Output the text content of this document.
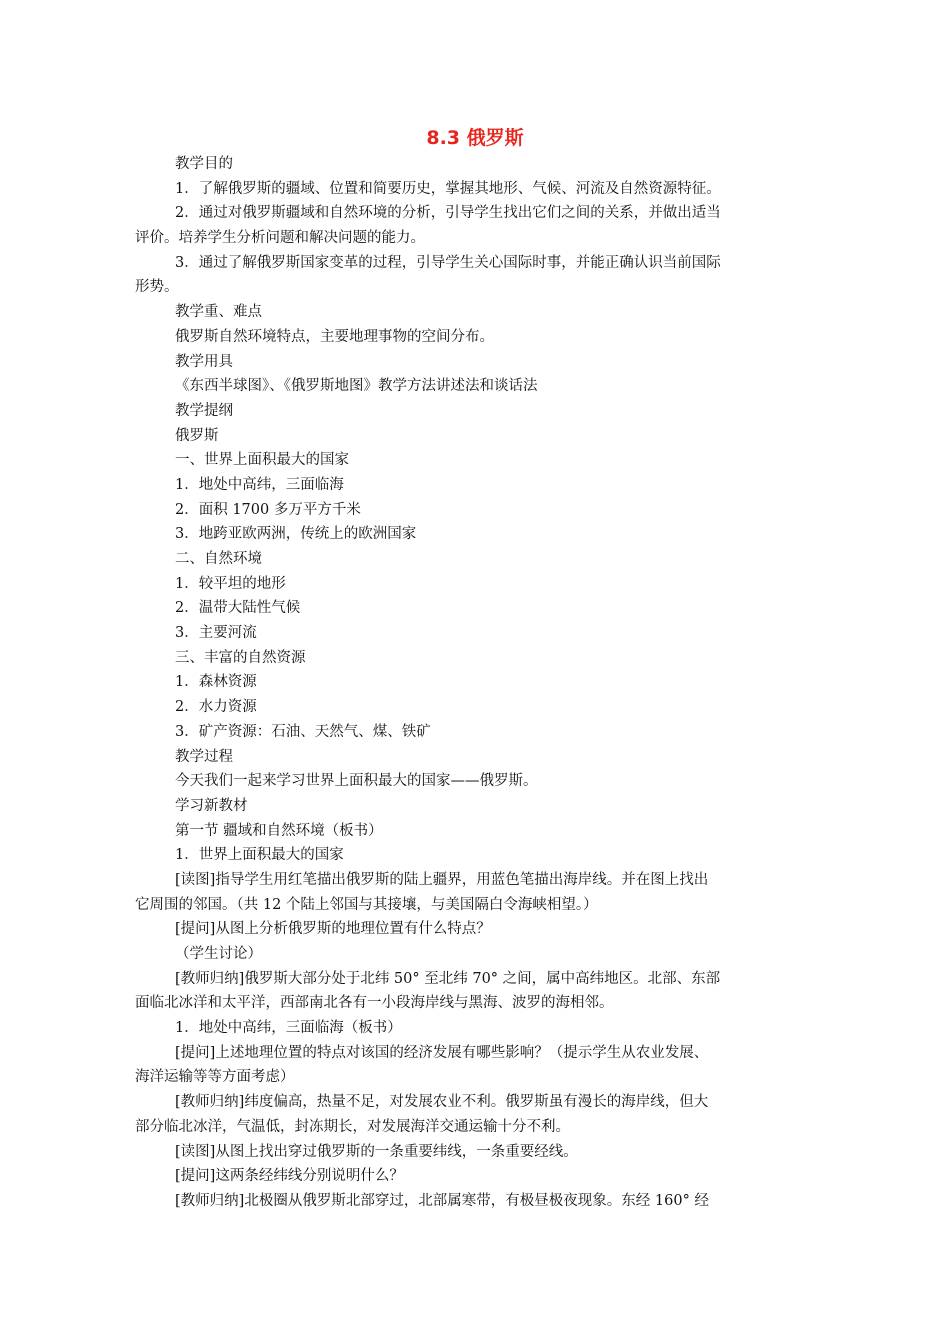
8.3 俄罗斯
教学目的
1．了解俄罗斯的疆域、位置和简要历史，掌握其地形、气候、河流及自然资源特征。
2．通过对俄罗斯疆域和自然环境的分析，引导学生找出它们之间的关系，并做出适当
评价。培养学生分析问题和解决问题的能力。
3．通过了解俄罗斯国家变革的过程，引导学生关心国际时事，并能正确认识当前国际
形势。
教学重、难点
俄罗斯自然环境特点，主要地理事物的空间分布。
教学用具
《东西半球图》、《俄罗斯地图》教学方法讲述法和谈话法
教学提纲
俄罗斯
一、世界上面积最大的国家
1．地处中高纬，三面临海
2．面积 1700 多万平方千米
3．地跨亚欧两洲，传统上的欧洲国家
二、自然环境
1．较平坦的地形
2．温带大陆性气候
3．主要河流
三、丰富的自然资源
1．森林资源
2．水力资源
3．矿产资源：石油、天然气、煤、铁矿
教学过程
今天我们一起来学习世界上面积最大的国家——俄罗斯。
学习新教材
第一节 疆域和自然环境（板书）
1．世界上面积最大的国家
[读图]指导学生用红笔描出俄罗斯的陆上疆界，用蓝色笔描出海岸线。并在图上找出
它周围的邻国。（共 12 个陆上邻国与其接壤，与美国隔白令海峡相望。）
[提问]从图上分析俄罗斯的地理位置有什么特点？
（学生讨论）
[教师归纳]俄罗斯大部分处于北纬 50° 至北纬 70° 之间，属中高纬地区。北部、东部
面临北冰洋和太平洋，西部南北各有一小段海岸线与黑海、波罗的海相邻。
1．地处中高纬，三面临海（板书）
[提问]上述地理位置的特点对该国的经济发展有哪些影响？（提示学生从农业发展、
海洋运输等等方面考虑）
[教师归纳]纬度偏高，热量不足，对发展农业不利。俄罗斯虽有漫长的海岸线，但大
部分临北冰洋，气温低，封冻期长，对发展海洋交通运输十分不利。
[读图]从图上找出穿过俄罗斯的一条重要纬线，一条重要经线。
[提问]这两条经纬线分别说明什么？
[教师归纳]北极圈从俄罗斯北部穿过，北部属寒带，有极昼极夜现象。东经 160° 经
